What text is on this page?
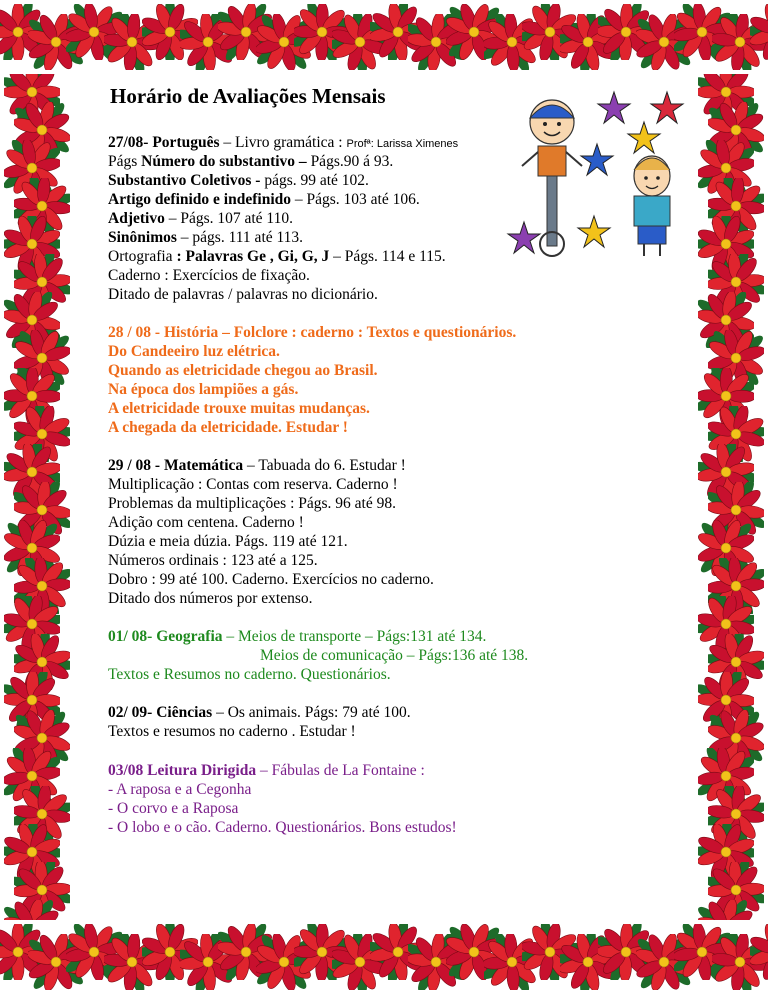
Horário de Avaliações Mensais
27/08- Português – Livro gramática : Profª: Larissa Ximenes
Págs Número do substantivo – Págs.90 á 93.
Substantivo Coletivos - págs. 99 até 102.
Artigo definido e indefinido – Págs. 103 até 106.
Adjetivo – Págs. 107 até 110.
Sinônimos – págs. 111 até 113.
Ortografia : Palavras Ge , Gi, G, J – Págs. 114 e 115.
Caderno : Exercícios de fixação.
Ditado de palavras / palavras no dicionário.
28 / 08 - História – Folclore : caderno : Textos e questionários.
Do Candeeiro luz elétrica.
Quando as eletricidade chegou ao Brasil.
Na época dos lampiões a gás.
A eletricidade trouxe muitas mudanças.
A chegada da eletricidade. Estudar !
29 / 08 - Matemática – Tabuada do 6. Estudar !
Multiplicação : Contas com reserva. Caderno !
Problemas da multiplicações : Págs. 96 até 98.
Adição com centena. Caderno !
Dúzia e meia dúzia. Págs. 119 até 121.
Números ordinais : 123 até a 125.
Dobro : 99 até 100. Caderno. Exercícios no caderno.
Ditado dos números por extenso.
01/ 08- Geografia – Meios de transporte – Págs:131 até 134.
Meios de comunicação – Págs:136 até 138.
Textos e Resumos no caderno. Questionários.
02/ 09- Ciências – Os animais. Págs: 79 até 100.
Textos e resumos no caderno . Estudar !
03/08 Leitura Dirigida – Fábulas de La Fontaine :
- A raposa e a Cegonha
- O corvo e a Raposa
- O lobo e o cão. Caderno. Questionários. Bons estudos!
